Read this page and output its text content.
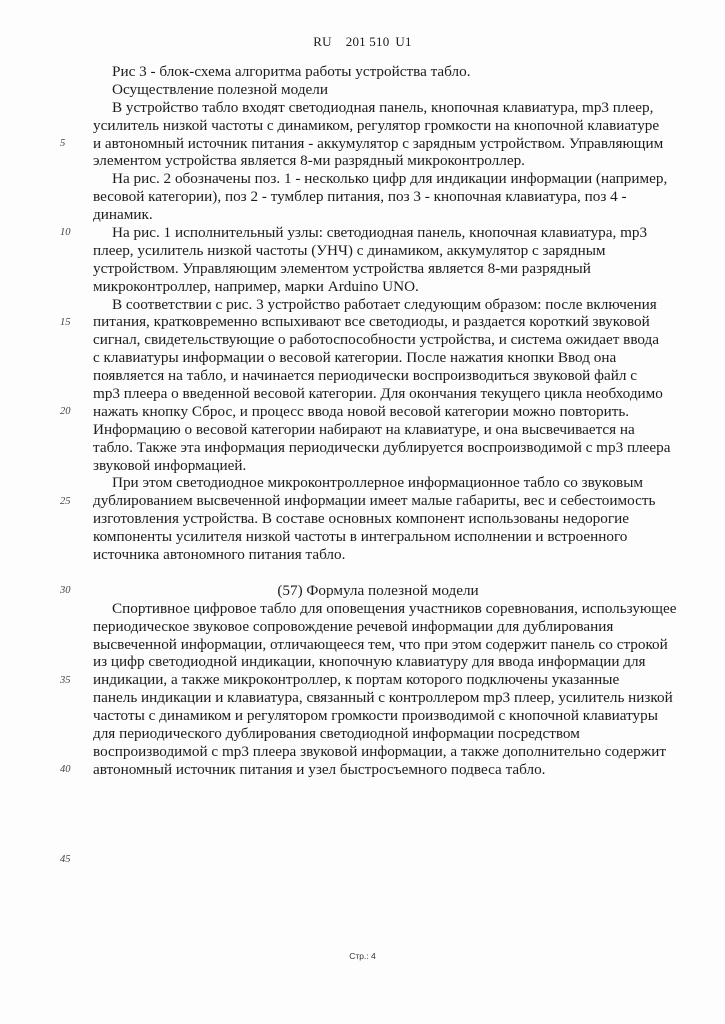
RU 201 510 U1
Рис 3 - блок-схема алгоритма работы устройства табло.
Осуществление полезной модели
В устройство табло входят светодиодная панель, кнопочная клавиатура, mp3 плеер,
усилитель низкой частоты с динамиком, регулятор громкости на кнопочной клавиатуре
и автономный источник питания - аккумулятор с зарядным устройством. Управляющим
элементом устройства является 8-ми разрядный микроконтроллер.
На рис. 2 обозначены поз. 1 - несколько цифр для индикации информации (например,
весовой категории), поз 2 - тумблер питания, поз 3 - кнопочная клавиатура, поз 4 -
динамик.
На рис. 1 исполнительный узлы: светодиодная панель, кнопочная клавиатура, mp3
плеер, усилитель низкой частоты (УНЧ) с динамиком, аккумулятор с зарядным
устройством. Управляющим элементом устройства является 8-ми разрядный
микроконтроллер, например, марки Arduino UNO.
В соответствии с рис. 3 устройство работает следующим образом: после включения
питания, кратковременно вспыхивают все светодиоды, и раздается короткий звуковой
сигнал, свидетельствующие о работоспособности устройства, и система ожидает ввода
с клавиатуры информации о весовой категории. После нажатия кнопки Ввод она
появляется на табло, и начинается периодически воспроизводиться звуковой файл с
mp3 плеера о введенной весовой категории. Для окончания текущего цикла необходимо
нажать кнопку Сброс, и процесс ввода новой весовой категории можно повторить.
Информацию о весовой категории набирают на клавиатуре, и она высвечивается на
табло. Также эта информация периодически дублируется воспроизводимой с mp3 плеера
звуковой информацией.
При этом светодиодное микроконтроллерное информационное табло со звуковым
дублированием высвеченной информации имеет малые габариты, вес и себестоимость
изготовления устройства. В составе основных компонент использованы недорогие
компоненты усилителя низкой частоты в интегральном исполнении и встроенного
источника автономного питания табло.
(57) Формула полезной модели
Спортивное цифровое табло для оповещения участников соревнования, использующее
периодическое звуковое сопровождение речевой информации для дублирования
высвеченной информации, отличающееся тем, что при этом содержит панель со строкой
из цифр светодиодной индикации, кнопочную клавиатуру для ввода информации для
индикации, а также микроконтроллер, к портам которого подключены указанные
панель индикации и клавиатура, связанный с контроллером mp3 плеер, усилитель низкой
частоты с динамиком и регулятором громкости производимой с кнопочной клавиатуры
для периодического дублирования светодиодной информации посредством
воспроизводимой с mp3 плеера звуковой информации, а также дополнительно содержит
автономный источник питания и узел быстросъемного подвеса табло.
5
10
15
20
25
30
35
40
45
Стр.: 4
